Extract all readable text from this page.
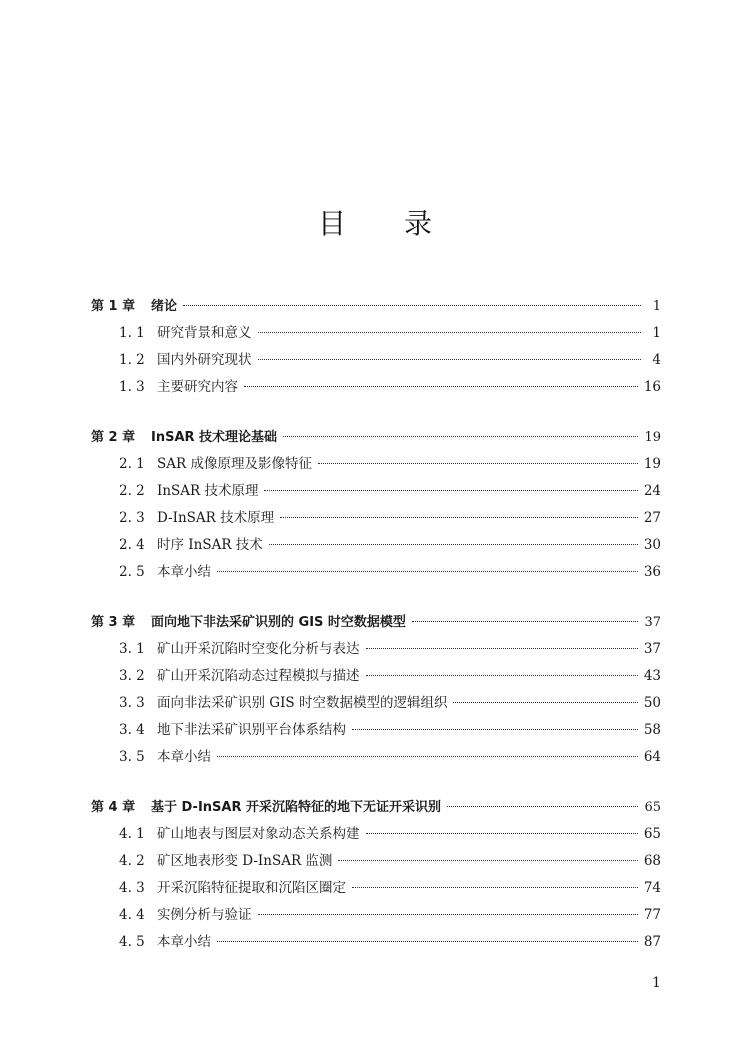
目录
第 1 章	绪论	1
1. 1 研究背景和意义	1
1. 2 国内外研究现状	4
1. 3 主要研究内容	16
第 2 章	InSAR 技术理论基础	19
2. 1 SAR 成像原理及影像特征	19
2. 2 InSAR 技术原理	24
2. 3 D-InSAR 技术原理	27
2. 4 时序 InSAR 技术	30
2. 5 本章小结	36
第 3 章	面向地下非法采矿识别的 GIS 时空数据模型	37
3. 1 矿山开采沉陷时空变化分析与表达	37
3. 2 矿山开采沉陷动态过程模拟与描述	43
3. 3 面向非法采矿识别 GIS 时空数据模型的逻辑组织	50
3. 4 地下非法采矿识别平台体系结构	58
3. 5 本章小结	64
第 4 章	基于 D-InSAR 开采沉陷特征的地下无证开采识别	65
4. 1 矿山地表与图层对象动态关系构建	65
4. 2 矿区地表形变 D-InSAR 监测	68
4. 3 开采沉陷特征提取和沉陷区圈定	74
4. 4 实例分析与验证	77
4. 5 本章小结	87
1
